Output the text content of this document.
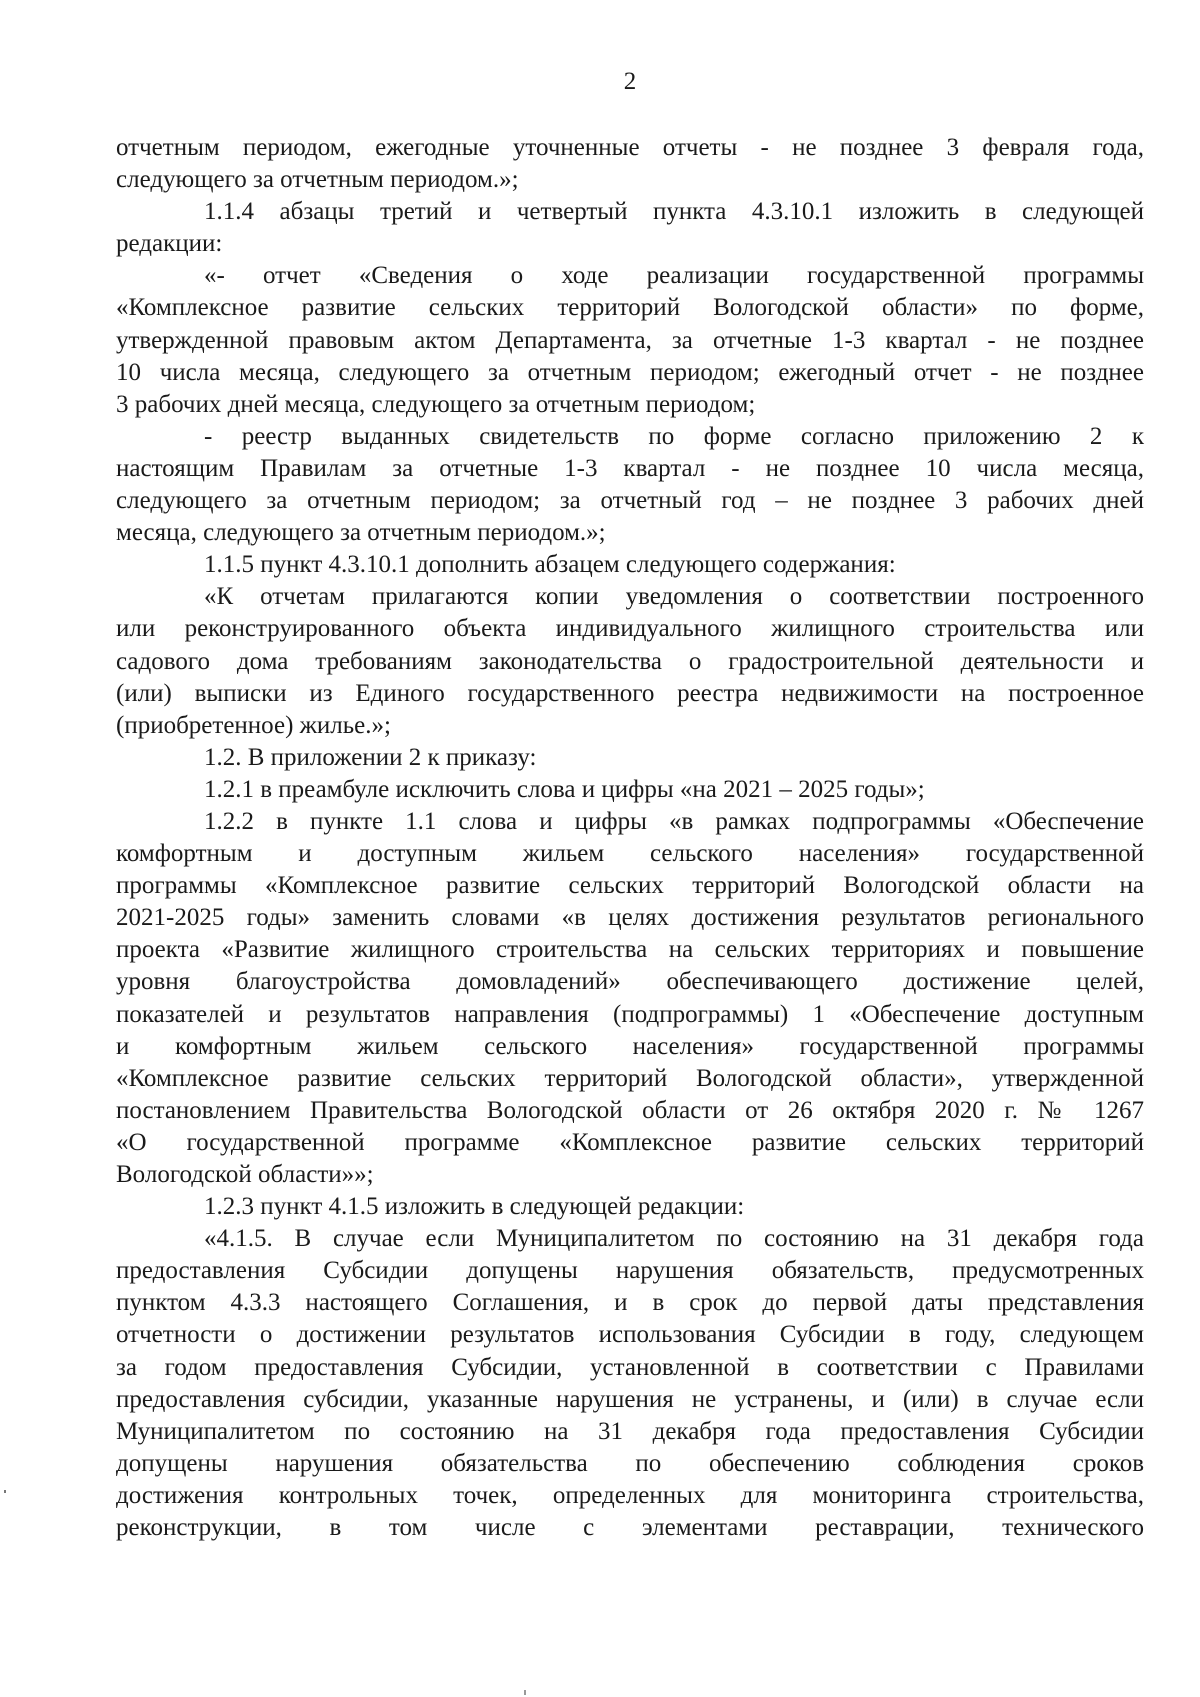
2
отчетным периодом, ежегодные уточненные отчеты - не позднее 3 февраля года,
следующего за отчетным периодом.»;
1.1.4 абзацы третий и четвертый пункта 4.3.10.1 изложить в следующей
редакции:
«- отчет «Сведения о ходе реализации государственной программы
«Комплексное развитие сельских территорий Вологодской области» по форме,
утвержденной правовым актом Департамента, за отчетные 1-3 квартал - не позднее
10 числа месяца, следующего за отчетным периодом; ежегодный отчет - не позднее
3 рабочих дней месяца, следующего за отчетным периодом;
- реестр выданных свидетельств по форме согласно приложению 2 к
настоящим Правилам за отчетные 1-3 квартал - не позднее 10 числа месяца,
следующего за отчетным периодом; за отчетный год – не позднее 3 рабочих дней
месяца, следующего за отчетным периодом.»;
1.1.5 пункт 4.3.10.1 дополнить абзацем следующего содержания:
«К отчетам прилагаются копии уведомления о соответствии построенного
или реконструированного объекта индивидуального жилищного строительства или
садового дома требованиям законодательства о градостроительной деятельности и
(или) выписки из Единого государственного реестра недвижимости на построенное
(приобретенное) жилье.»;
1.2. В приложении 2 к приказу:
1.2.1 в преамбуле исключить слова и цифры «на 2021 – 2025 годы»;
1.2.2 в пункте 1.1 слова и цифры «в рамках подпрограммы «Обеспечение
комфортным и доступным жильем сельского населения» государственной
программы «Комплексное развитие сельских территорий Вологодской области на
2021-2025 годы» заменить словами «в целях достижения результатов регионального
проекта «Развитие жилищного строительства на сельских территориях и повышение
уровня благоустройства домовладений» обеспечивающего достижение целей,
показателей и результатов направления (подпрограммы) 1 «Обеспечение доступным
и комфортным жильем сельского населения» государственной программы
«Комплексное развитие сельских территорий Вологодской области», утвержденной
постановлением Правительства Вологодской области от 26 октября 2020 г. № 1267
«О государственной программе «Комплексное развитие сельских территорий
Вологодской области»»;
1.2.3 пункт 4.1.5 изложить в следующей редакции:
«4.1.5. В случае если Муниципалитетом по состоянию на 31 декабря года
предоставления Субсидии допущены нарушения обязательств, предусмотренных
пунктом 4.3.3 настоящего Соглашения, и в срок до первой даты представления
отчетности о достижении результатов использования Субсидии в году, следующем
за годом предоставления Субсидии, установленной в соответствии с Правилами
предоставления субсидии, указанные нарушения не устранены, и (или) в случае если
Муниципалитетом по состоянию на 31 декабря года предоставления Субсидии
допущены нарушения обязательства по обеспечению соблюдения сроков
достижения контрольных точек, определенных для мониторинга строительства,
реконструкции, в том числе с элементами реставрации, технического
